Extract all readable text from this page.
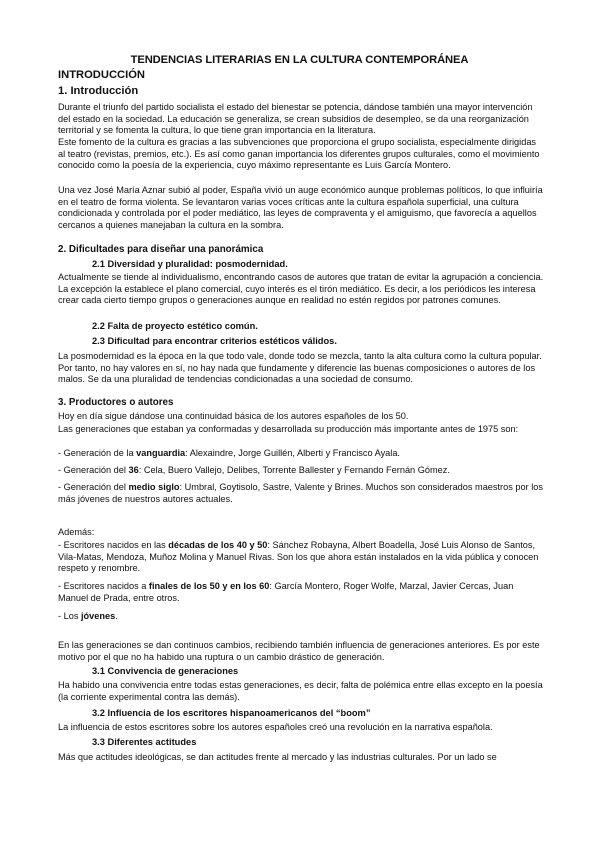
TENDENCIAS LITERARIAS EN LA CULTURA CONTEMPORÁNEA
INTRODUCCIÓN
1. Introducción

Durante el triunfo del partido socialista el estado del bienestar se potencia, dándose también una mayor intervención del estado en la sociedad. La educación se generaliza, se crean subsidios de desempleo, se da una reorganización territorial y se fomenta la cultura, lo que tiene gran importancia en la literatura.

Este fomento de la cultura es gracias a las subvenciones que proporciona el grupo socialista, especialmente dirigidas al teatro (revistas, premios, etc.). Es así como ganan importancia los diferentes grupos culturales, como el movimiento conocido como la poesía de la experiencia, cuyo máximo representante es Luis García Montero.

Una vez José María Aznar subió al poder, España vivió un auge económico aunque problemas políticos, lo que influiría en el teatro de forma violenta. Se levantaron varias voces críticas ante la cultura española superficial, una cultura condicionada y controlada por el poder mediático, las leyes de compraventa y el amiguismo, que favorecía a aquellos cercanos a quienes manejaban la cultura en la sombra.

2. Dificultades para diseñar una panorámica
2.1 Diversidad y pluralidad: posmodernidad.

Actualmente se tiende al individualismo, encontrando casos de autores que tratan de evitar la agrupación a conciencia. La excepción la establece el plano comercial, cuyo interés es el tirón mediático. Es decir, a los periódicos les interesa crear cada cierto tiempo grupos o generaciones aunque en realidad no estén regidos por patrones comunes.

2.2 Falta de proyecto estético común.
2.3 Dificultad para encontrar criterios estéticos válidos.

La posmodernidad es la época en la que todo vale, donde todo se mezcla, tanto la alta cultura como la cultura popular. Por tanto, no hay valores en sí, no hay nada que fundamente y diferencie las buenas composiciones o autores de los malos. Se da una pluralidad de tendencias condicionadas a una sociedad de consumo.

3. Productores o autores

Hoy en día sigue dándose una continuidad básica de los autores españoles de los 50.

Las generaciones que estaban ya conformadas y desarrollada su producción más importante antes de 1975 son:

- Generación de la vanguardia: Alexaindre, Jorge Guillén, Alberti y Francisco Ayala.

- Generación del 36: Cela, Buero Vallejo, Delibes, Torrente Ballester y Fernando Fernán Gómez.

- Generación del medio siglo: Umbral, Goytisolo, Sastre, Valente y Brines. Muchos son considerados maestros por los más jóvenes de nuestros autores actuales.

Además:

- Escritores nacidos en las décadas de los 40 y 50: Sánchez Robayna, Albert Boadella, José Luis Alonso de Santos, Vila-Matas, Mendoza, Muñoz Molina y Manuel Rivas. Son los que ahora están instalados en la vida pública y conocen respeto y renombre.

- Escritores nacidos a finales de los 50 y en los 60: García Montero, Roger Wolfe, Marzal, Javier Cercas, Juan Manuel de Prada, entre otros.

- Los jóvenes.

En las generaciones se dan continuos cambios, recibiendo también influencia de generaciones anteriores. Es por este motivo por el que no ha habido una ruptura o un cambio drástico de generación.

3.1 Convivencia de generaciones

Ha habido una convivencia entre todas estas generaciones, es decir, falta de polémica entre ellas excepto en la poesía (la corriente experimental contra las demás).

3.2 Influencia de los escritores hispanoamericanos del “boom”

La influencia de estos escritores sobre los autores españoles creó una revolución en la narrativa española.

3.3 Diferentes actitudes

Más que actitudes ideológicas, se dan actitudes frente al mercado y las industrias culturales. Por un lado se
